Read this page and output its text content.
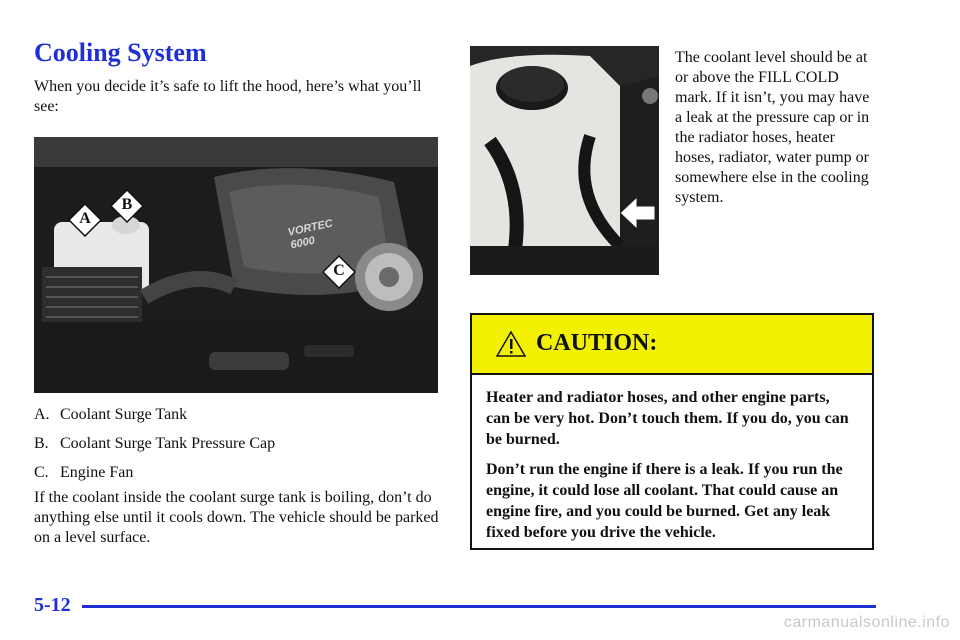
Cooling System

When you decide it’s safe to lift the hood, here’s what you’ll see:

VORTEC
6000
A
B
C
A. Coolant Surge Tank
B. Coolant Surge Tank Pressure Cap
C. Engine Fan

If the coolant inside the coolant surge tank is boiling, don’t do anything else until it cools down. The vehicle should be parked on a level surface.

The coolant level should be at or above the FILL COLD mark. If it isn’t, you may have a leak at the pressure cap or in the radiator hoses, heater hoses, radiator, water pump or somewhere else in the cooling system.

CAUTION:

Heater and radiator hoses, and other engine parts, can be very hot. Don’t touch them. If you do, you can be burned.

Don’t run the engine if there is a leak. If you run the engine, it could lose all coolant. That could cause an engine fire, and you could be burned. Get any leak fixed before you drive the vehicle.

5-12
carmanualsonline.info
